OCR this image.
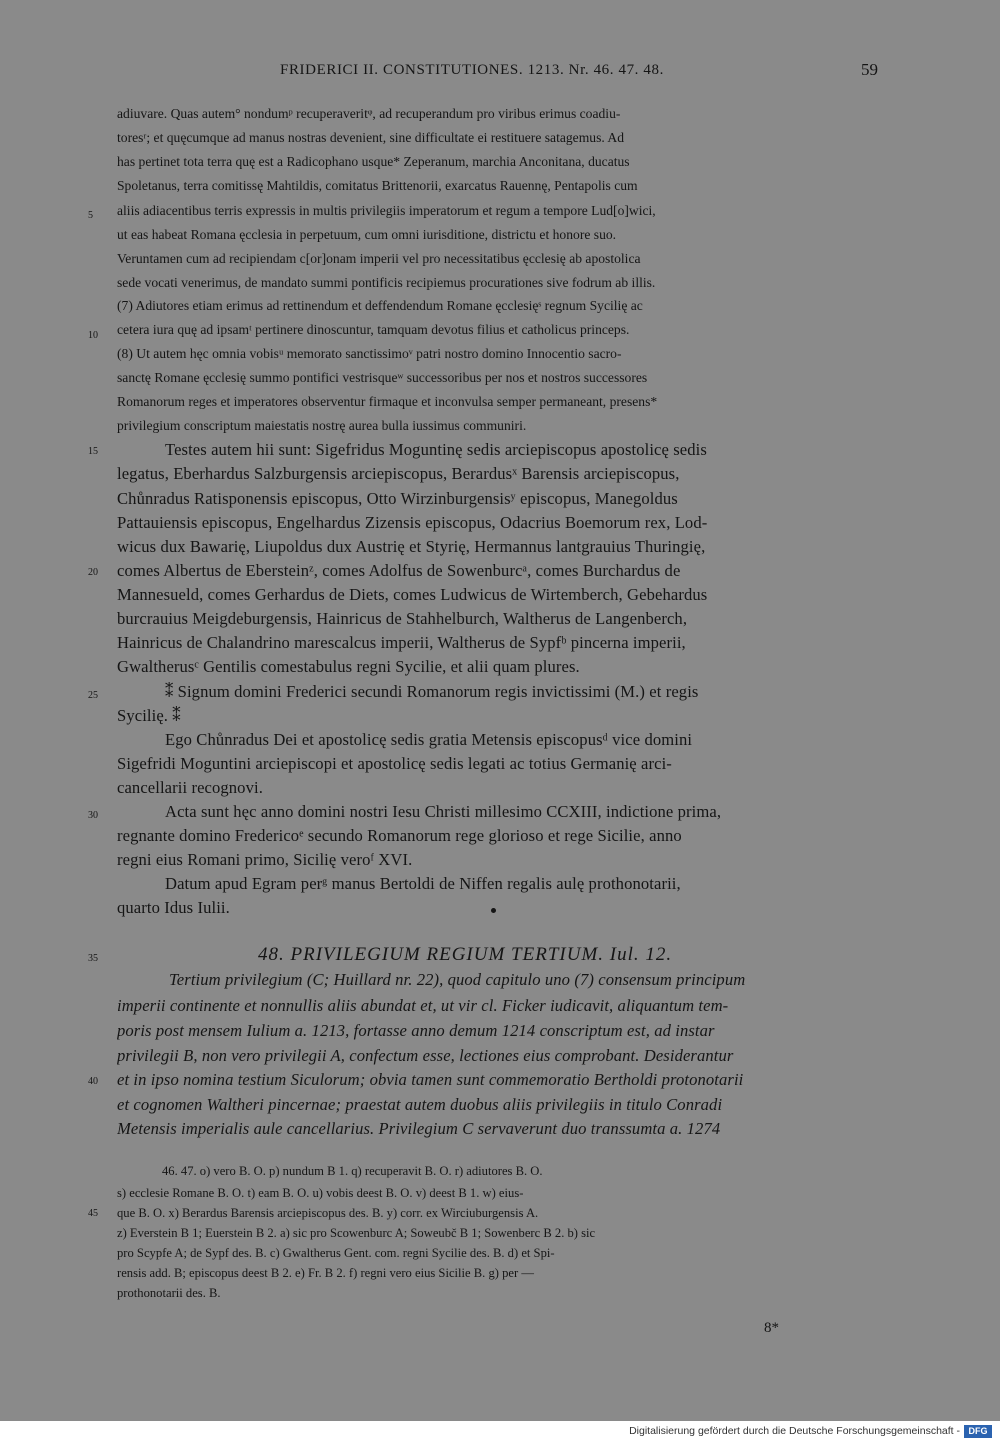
FRIDERICI II. CONSTITUTIONES. 1213. Nr. 46. 47. 48.	59
5
10
15
20
25
30
35
40
45
adiuvare. Quas autem° nondumᵖ recuperaveritᵠ, ad recuperandum pro viribus erimus coadiu-
toresʳ; et quęcumque ad manus nostras devenient, sine difficultate ei restituere satagemus. Ad
has pertinet tota terra quę est a Radicophano usque* Zeperanum, marchia Anconitana, ducatus
Spoletanus, terra comitissę Mahtildis, comitatus Brittenorii, exarcatus Rauennę, Pentapolis cum
aliis adiacentibus terris expressis in multis privilegiis imperatorum et regum a tempore Lud[o]wici,
ut eas habeat Romana ęcclesia in perpetuum, cum omni iurisditione, districtu et honore suo.
Veruntamen cum ad recipiendam c[or]onam imperii vel pro necessitatibus ęcclesię ab apostolica
sede vocati venerimus, de mandato summi pontificis recipiemus procurationes sive fodrum ab illis.
(7) Adiutores etiam erimus ad rettinendum et deffendendum Romane ęcclesięˢ regnum Sycilię ac
cetera iura quę ad ipsamᵗ pertinere dinoscuntur, tamquam devotus filius et catholicus princeps.
(8) Ut autem hęc omnia vobisᵘ memorato sanctissimoᵛ patri nostro domino Innocentio sacro-
sanctę Romane ęcclesię summo pontifici vestrisqueʷ successoribus per nos et nostros successores
Romanorum reges et imperatores observentur firmaque et inconvulsa semper permaneant, presens*
privilegium conscriptum maiestatis nostrę aurea bulla iussimus communiri.
Testes autem hii sunt: Sigefridus Moguntinę sedis arciepiscopus apostolicę sedis
legatus, Eberhardus Salzburgensis arciepiscopus, Berardusˣ Barensis arciepiscopus,
Chůnradus Ratisponensis episcopus, Otto Wirzinburgensisʸ episcopus, Manegoldus
Pattauiensis episcopus, Engelhardus Zizensis episcopus, Odacrius Boemorum rex, Lod-
wicus dux Bawarię, Liupoldus dux Austrię et Styrię, Hermannus lantgrauius Thuringię,
comes Albertus de Ebersteinᶻ, comes Adolfus de Sowenburcᵃ, comes Burchardus de
Mannesueld, comes Gerhardus de Diets, comes Ludwicus de Wirtemberch, Gebehardus
burcrauius Meigdeburgensis, Hainricus de Stahhelburch, Waltherus de Langenberch,
Hainricus de Chalandrino marescalcus imperii, Waltherus de Sypfᵇ pincerna imperii,
Gwaltherusᶜ Gentilis comestabulus regni Sycilie, et alii quam plures.
⁑ Signum domini Frederici secundi Romanorum regis invictissimi (M.) et regis
Sycilię. ⁑
Ego Chůnradus Dei et apostolicę sedis gratia Metensis episcopusᵈ vice domini
Sigefridi Moguntini arciepiscopi et apostolicę sedis legati ac totius Germanię arci-
cancellarii recognovi.
Acta sunt hęc anno domini nostri Iesu Christi millesimo CCXIII, indictione prima,
regnante domino Fredericoᵉ secundo Romanorum rege glorioso et rege Sicilie, anno
regni eius Romani primo, Sicilię veroᶠ XVI.
Datum apud Egram perᵍ manus Bertoldi de Niffen regalis aulę prothonotarii,
quarto Idus Iulii.
48. PRIVILEGIUM REGIUM TERTIUM. Iul. 12.
Tertium privilegium (C; Huillard nr. 22), quod capitulo uno (7) consensum principum
imperii continente et nonnullis aliis abundat et, ut vir cl. Ficker iudicavit, aliquantum tem-
poris post mensem Iulium a. 1213, fortasse anno demum 1214 conscriptum est, ad instar
privilegii B, non vero privilegii A, confectum esse, lectiones eius comprobant. Desiderantur
et in ipso nomina testium Siculorum; obvia tamen sunt commemoratio Bertholdi protonotarii
et cognomen Waltheri pincernae; praestat autem duobus aliis privilegiis in titulo Conradi
Metensis imperialis aule cancellarius. Privilegium C servaverunt duo transsumta a. 1274
46. 47. o) vero B. O. p) nundum B 1. q) recuperavit B. O. r) adiutores B. O.
s) ecclesie Romane B. O. t) eam B. O. u) vobis deest B. O. v) deest B 1. w) eius-
que B. O. x) Berardus Barensis arciepiscopus des. B. y) corr. ex Wirciuburgensis A.
z) Everstein B 1; Euerstein B 2. a) sic pro Scowenburc A; Soweubč B 1; Sowenberc B 2. b) sic
pro Scypfe A; de Sypf des. B. c) Gwaltherus Gent. com. regni Sycilie des. B. d) et Spi-
rensis add. B; episcopus deest B 2. e) Fr. B 2. f) regni vero eius Sicilie B. g) per —
prothonotarii des. B.
8*
Digitalisierung gefördert durch die Deutsche Forschungsgemeinschaft - DFG
